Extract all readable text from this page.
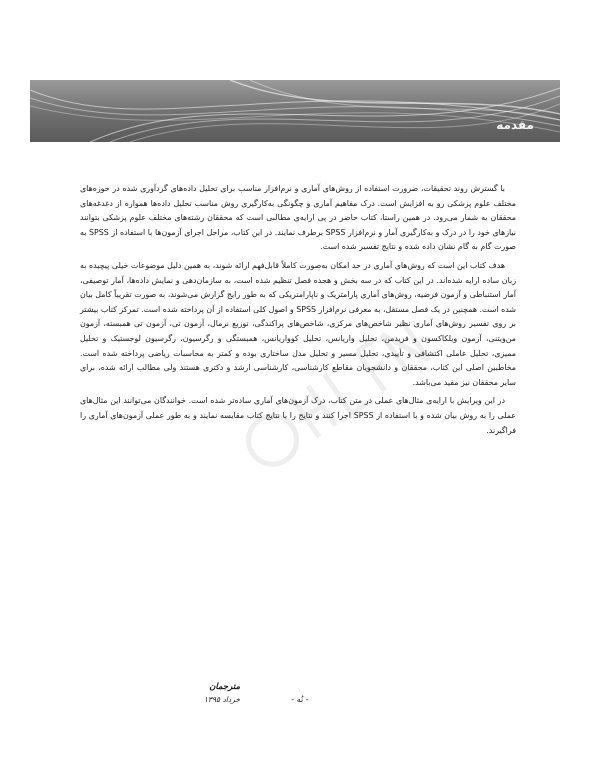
مقدمه

با گسترش روند تحقیقات، ضرورت استفاده از روش‌های آماری و نرم‌افزار مناسب برای تحلیل داده‌های گردآوری شده در حوزه‌های مختلف علوم پزشکی رو به افزایش است. درک مفاهیم آماری و چگونگی به‌کارگیری روش مناسب تحلیل داده‌ها همواره از دغدغه‌های محققان به شمار می‌رود. در همین راستا، کتاب حاضر در پی ارایه‌ی مطالبی است که محققان رشته‌های مختلف علوم پزشکی بتوانند نیازهای خود را در درک و به‌کارگیری آمار و نرم‌افزار SPSS برطرف نمایند. در این کتاب، مراحل اجرای آزمون‌ها با استفاده از SPSS به صورت گام به گام نشان داده شده و نتایج تفسیر شده است.

هدف کتاب این است که روش‌های آماری در حد امکان به‌صورت کاملاً قابل‌فهم ارائه شوند، به همین دلیل موضوعات خیلی پیچیده به زبان ساده ارایه شده‌اند. در این کتاب که در سه بخش و هجده فصل تنظیم شده است، به سازمان‌دهی و نمایش داده‌ها، آمار توصیفی، آمار استنباطی و آزمون فرضیه، روش‌های آماری پارامتریک و ناپارامتریکی که به طور رایج گزارش می‌شوند، به صورت تقریباً کامل بیان شده است. همچنین در یک فصل مستقل، به معرفی نرم‌افزار SPSS و اصول کلی استفاده از آن پرداخته شده است. تمرکز کتاب بیشتر بر روی تفسیر روش‌های آماری نظیر شاخص‌های مرکزی، شاخص‌های پراکندگی، توزیع نرمال، آزمون تی، آزمون تی همبسته، آزمون من‌ویتنی، آزمون ویلکاکسون و فریدمن، تحلیل واریانس، تحلیل کوواریانس، همبستگی و رگرسیون، رگرسیون لوجستیک و تحلیل ممیزی، تحلیل عاملی اکتشافی و تأییدی، تحلیل مسیر و تحلیل مدل ساختاری بوده و کمتر به محاسبات ریاضی پرداخته شده است. مخاطبین اصلی این کتاب، محققان و دانشجویان مقاطع کارشناسی، کارشناسی ارشد و دکتری هستند ولی مطالب ارائه شده، برای سایر محققان نیز مفید می‌باشد.

در این ویرایش با ارایه‌ی مثال‌های عملی در متن کتاب، درک آزمون‌های آماری ساده‌تر شده است. خوانندگان می‌توانند این مثال‌های عملی را به روش بیان شده و با استفاده از SPSS اجرا کنند و نتایج را با نتایج کتاب مقایسه نمایند و به طور عملی آزمون‌های آماری را فراگیرند.

مترجمان
خرداد ۱۳۹۵	- نُه -
